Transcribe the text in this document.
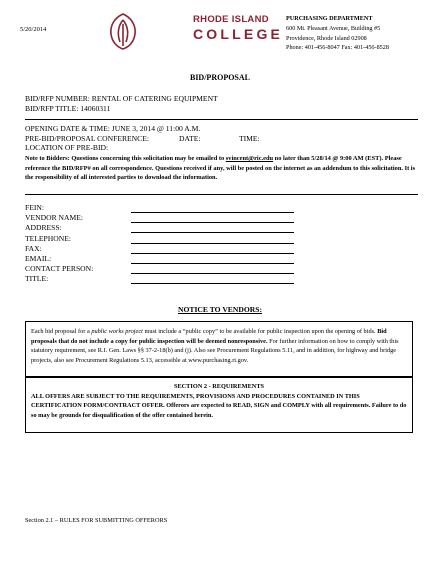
5/20/2014
RHODE ISLAND
COLLEGE
PURCHASING DEPARTMENT
600 Mt. Pleasant Avenue, Building #5
Providence, Rhode Island 02908
Phone: 401-456-8047 Fax: 401-456-8528
BID/PROPOSAL
BID/RFP NUMBER: RENTAL OF CATERING EQUIPMENT
BID/RFP TITLE: 14060311
OPENING DATE & TIME: JUNE 3, 2014 @ 11:00 A.M.
PRE-BID/PROPOSAL CONFERENCE:	DATE:	TIME:
LOCATION OF PRE-BID:
Note to Bidders: Questions concerning this solicitation may be emailed to svincent@ric.edu no later than 5/28/14 @ 9:00 AM (EST). Please reference the BID/RFP# on all correspondence. Questions received if any, will be posted on the internet as an addendum to this solicitation. It is the responsibility of all interested parties to download the information.
FEIN:
VENDOR NAME:
ADDRESS:
TELEPHONE:
FAX:
EMAIL:
CONTACT PERSON:
TITLE:
NOTICE TO VENDORS:
Each bid proposal for a public works project must include a “public copy” to be available for public inspection upon the opening of bids. Bid proposals that do not include a copy for public inspection will be deemed nonresponsive. For further information on how to comply with this statutory requirement, see R.I. Gen. Laws §§ 37-2-18(b) and (j). Also see Procurement Regulations 5.11, and in addition, for highway and bridge projects, also see Procurement Regulations 5.13, accessible at www.purchasing.ri.gov.
SECTION 2 - REQUIREMENTS
ALL OFFERS ARE SUBJECT TO THE REQUIREMENTS, PROVISIONS AND PROCEDURES CONTAINED IN THIS CERTIFICATION FORM/CONTRACT OFFER. Offerors are expected to READ, SIGN and COMPLY with all requirements. Failure to do so may be grounds for disqualification of the offer contained herein.
Section 2.1 – RULES FOR SUBMITTING OFFERORS
